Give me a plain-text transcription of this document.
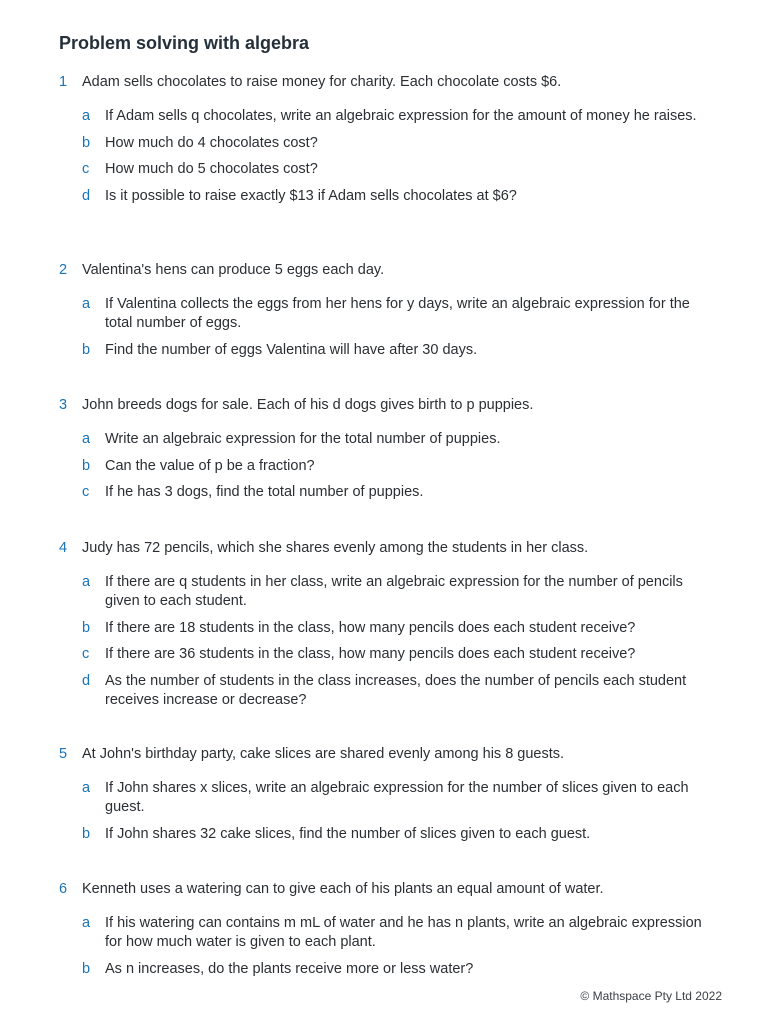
Problem solving with algebra
1	Adam sells chocolates to raise money for charity. Each chocolate costs $6.
a	If Adam sells q chocolates, write an algebraic expression for the amount of money he raises.
b	How much do 4 chocolates cost?
c	How much do 5 chocolates cost?
d	Is it possible to raise exactly $13 if Adam sells chocolates at $6?
2	Valentina's hens can produce 5 eggs each day.
a	If Valentina collects the eggs from her hens for y days, write an algebraic expression for the total number of eggs.
b	Find the number of eggs Valentina will have after 30 days.
3	John breeds dogs for sale. Each of his d dogs gives birth to p puppies.
a	Write an algebraic expression for the total number of puppies.
b	Can the value of p be a fraction?
c	If he has 3 dogs, find the total number of puppies.
4	Judy has 72 pencils, which she shares evenly among the students in her class.
a	If there are q students in her class, write an algebraic expression for the number of pencils given to each student.
b	If there are 18 students in the class, how many pencils does each student receive?
c	If there are 36 students in the class, how many pencils does each student receive?
d	As the number of students in the class increases, does the number of pencils each student receives increase or decrease?
5	At John's birthday party, cake slices are shared evenly among his 8 guests.
a	If John shares x slices, write an algebraic expression for the number of slices given to each guest.
b	If John shares 32 cake slices, find the number of slices given to each guest.
6	Kenneth uses a watering can to give each of his plants an equal amount of water.
a	If his watering can contains m mL of water and he has n plants, write an algebraic expression for how much water is given to each plant.
b	As n increases, do the plants receive more or less water?
© Mathspace Pty Ltd 2022
